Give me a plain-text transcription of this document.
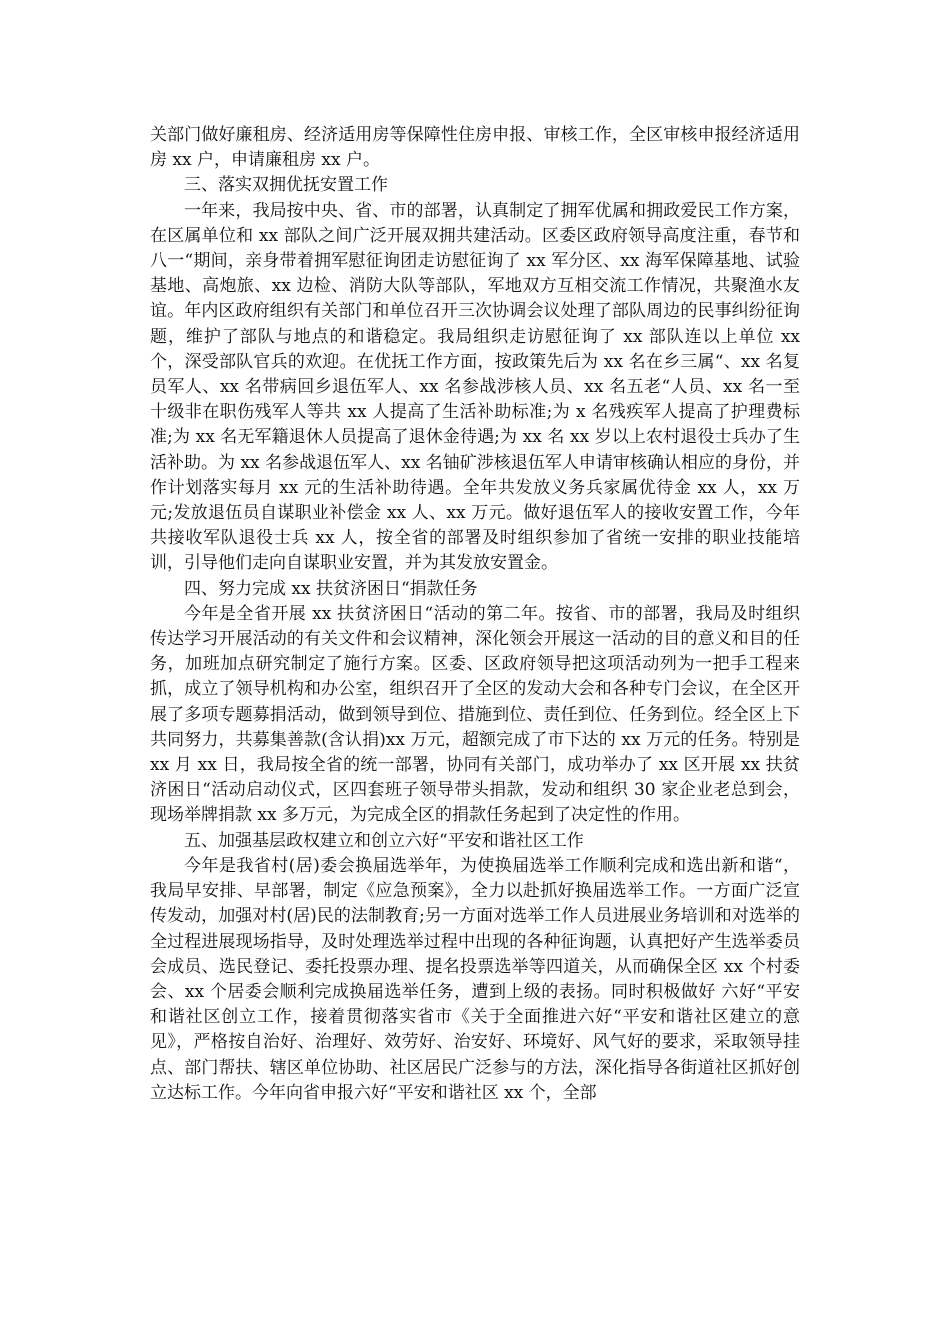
关部门做好廉租房、经济适用房等保障性住房申报、审核工作，全区审核申报经济适用房 xx 户，申请廉租房 xx 户。

三、落实双拥优抚安置工作

一年来，我局按中央、省、市的部署，认真制定了拥军优属和拥政爱民工作方案，在区属单位和 xx 部队之间广泛开展双拥共建活动。区委区政府领导高度注重，春节和八一“期间，亲身带着拥军慰征询团走访慰征询了 xx 军分区、xx 海军保障基地、试验基地、高炮旅、xx 边检、消防大队等部队，军地双方互相交流工作情况，共聚渔水友谊。年内区政府组织有关部门和单位召开三次协调会议处理了部队周边的民事纠纷征询题，维护了部队与地点的和谐稳定。我局组织走访慰征询了 xx 部队连以上单位 xx 个，深受部队官兵的欢迎。在优抚工作方面，按政策先后为 xx 名在乡三属“、xx 名复员军人、xx 名带病回乡退伍军人、xx 名参战涉核人员、xx 名五老“人员、xx 名一至十级非在职伤残军人等共 xx 人提高了生活补助标准;为 x 名残疾军人提高了护理费标准;为 xx 名无军籍退休人员提高了退休金待遇;为 xx 名 xx 岁以上农村退役士兵办了生活补助。为 xx 名参战退伍军人、xx 名铀矿涉核退伍军人申请审核确认相应的身份，并作计划落实每月 xx 元的生活补助待遇。全年共发放义务兵家属优待金 xx 人，xx 万元;发放退伍员自谋职业补偿金 xx 人、xx 万元。做好退伍军人的接收安置工作，今年共接收军队退役士兵 xx 人，按全省的部署及时组织参加了省统一安排的职业技能培训，引导他们走向自谋职业安置，并为其发放安置金。

四、努力完成 xx 扶贫济困日“捐款任务

今年是全省开展 xx 扶贫济困日“活动的第二年。按省、市的部署，我局及时组织传达学习开展活动的有关文件和会议精神，深化领会开展这一活动的目的意义和目的任务，加班加点研究制定了施行方案。区委、区政府领导把这项活动列为一把手工程来抓，成立了领导机构和办公室，组织召开了全区的发动大会和各种专门会议，在全区开展了多项专题募捐活动，做到领导到位、措施到位、责任到位、任务到位。经全区上下共同努力，共募集善款(含认捐)xx 万元，超额完成了市下达的 xx 万元的任务。特别是 xx 月 xx 日，我局按全省的统一部署，协同有关部门，成功举办了 xx 区开展 xx 扶贫济困日“活动启动仪式，区四套班子领导带头捐款，发动和组织 30 家企业老总到会，现场举牌捐款 xx 多万元，为完成全区的捐款任务起到了决定性的作用。

五、加强基层政权建立和创立六好“平安和谐社区工作

今年是我省村(居)委会换届选举年，为使换届选举工作顺利完成和选出新和谐“，我局早安排、早部署，制定《应急预案》，全力以赴抓好换届选举工作。一方面广泛宣传发动，加强对村(居)民的法制教育;另一方面对选举工作人员进展业务培训和对选举的全过程进展现场指导，及时处理选举过程中出现的各种征询题，认真把好产生选举委员会成员、选民登记、委托投票办理、提名投票选举等四道关，从而确保全区 xx 个村委会、xx 个居委会顺利完成换届选举任务，遭到上级的表扬。同时积极做好 六好“平安和谐社区创立工作，接着贯彻落实省市《关于全面推进六好“平安和谐社区建立的意见》，严格按自治好、治理好、效劳好、治安好、环境好、风气好的要求，采取领导挂点、部门帮扶、辖区单位协助、社区居民广泛参与的方法，深化指导各街道社区抓好创立达标工作。今年向省申报六好“平安和谐社区 xx 个，全部
